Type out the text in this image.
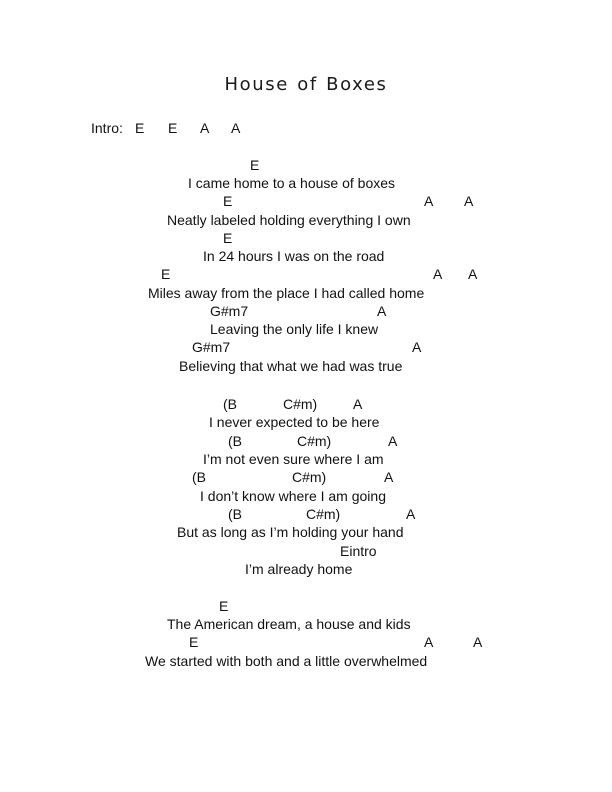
House of Boxes
Intro: E E A A
E
I came home to a house of boxes
E	A A
Neatly labeled holding everything I own
E
In 24 hours I was on the road
E	A A
Miles away from the place I had called home
G#m7	A
Leaving the only life I knew
G#m7	A
Believing that what we had was true
(B	C#m)	A
I never expected to be here
(B	C#m)	A
I’m not even sure where I am
(B	C#m)	A
I don’t know where I am going
(B	C#m)	A
But as long as I’m holding your hand
Eintro
I’m already home
E
The American dream, a house and kids
E	A	A
We started with both and a little overwhelmed
